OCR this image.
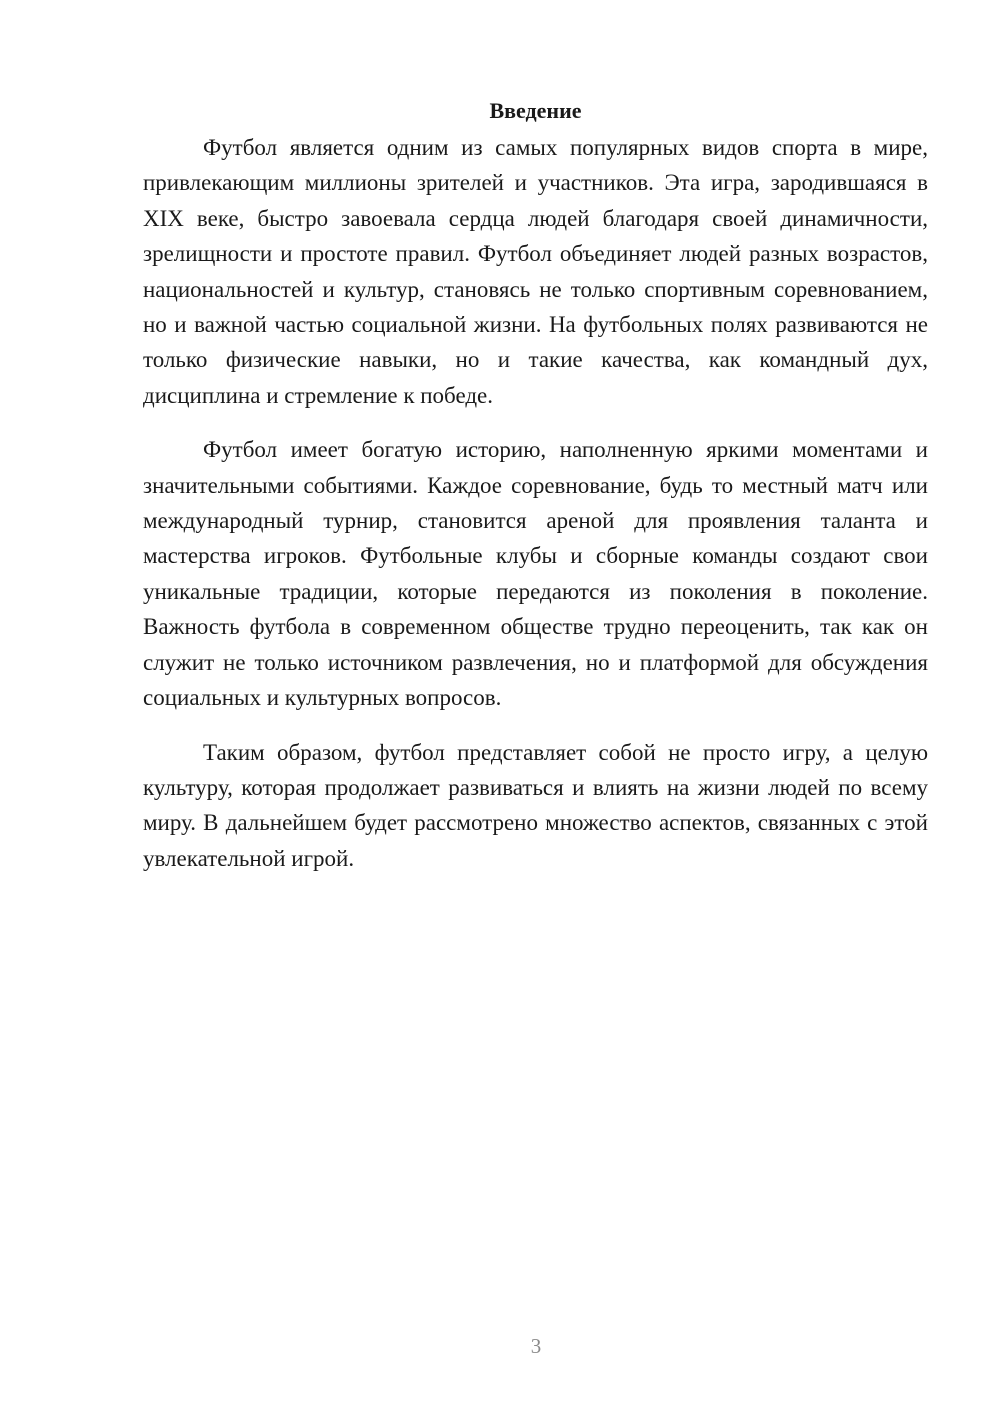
Введение

Футбол является одним из самых популярных видов спорта в мире, привлекающим миллионы зрителей и участников. Эта игра, зародившаяся в XIX веке, быстро завоевала сердца людей благодаря своей динамичности, зрелищности и простоте правил. Футбол объединяет людей разных возрастов, национальностей и культур, становясь не только спортивным соревнованием, но и важной частью социальной жизни. На футбольных полях развиваются не только физические навыки, но и такие качества, как командный дух, дисциплина и стремление к победе.

Футбол имеет богатую историю, наполненную яркими моментами и значительными событиями. Каждое соревнование, будь то местный матч или международный турнир, становится ареной для проявления таланта и мастерства игроков. Футбольные клубы и сборные команды создают свои уникальные традиции, которые передаются из поколения в поколение. Важность футбола в современном обществе трудно переоценить, так как он служит не только источником развлечения, но и платформой для обсуждения социальных и культурных вопросов.

Таким образом, футбол представляет собой не просто игру, а целую культуру, которая продолжает развиваться и влиять на жизни людей по всему миру. В дальнейшем будет рассмотрено множество аспектов, связанных с этой увлекательной игрой.

3
